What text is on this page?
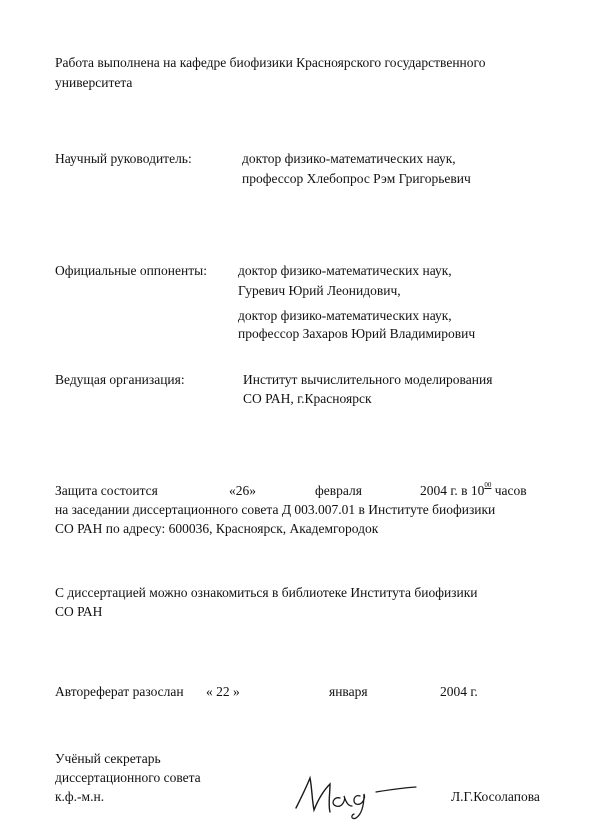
Работа выполнена на кафедре биофизики Красноярского государственного
университета
Научный руководитель:	доктор физико-математических наук,
профессор Хлебопрос Рэм Григорьевич
Официальные оппоненты: доктор физико-математических наук,
Гуревич Юрий Леонидович,
доктор физико-математических наук,
профессор Захаров Юрий Владимирович
Ведущая организация:	Институт вычислительного моделирования
СО РАН, г.Красноярск
Защита состоится	«26»	февраля	2004 г. в $10^{00}$ часов
на заседании диссертационного совета Д 003.007.01 в Институте биофизики
СО РАН по адресу: 600036, Красноярск, Академгородок
С диссертацией можно ознакомиться в библиотеке Института биофизики
СО РАН
Автореферат разослан « 22 »	января	2004 г.
Учёный секретарь
диссертационного совета
к.ф.-м.н.	Л.Г.Косолапова
